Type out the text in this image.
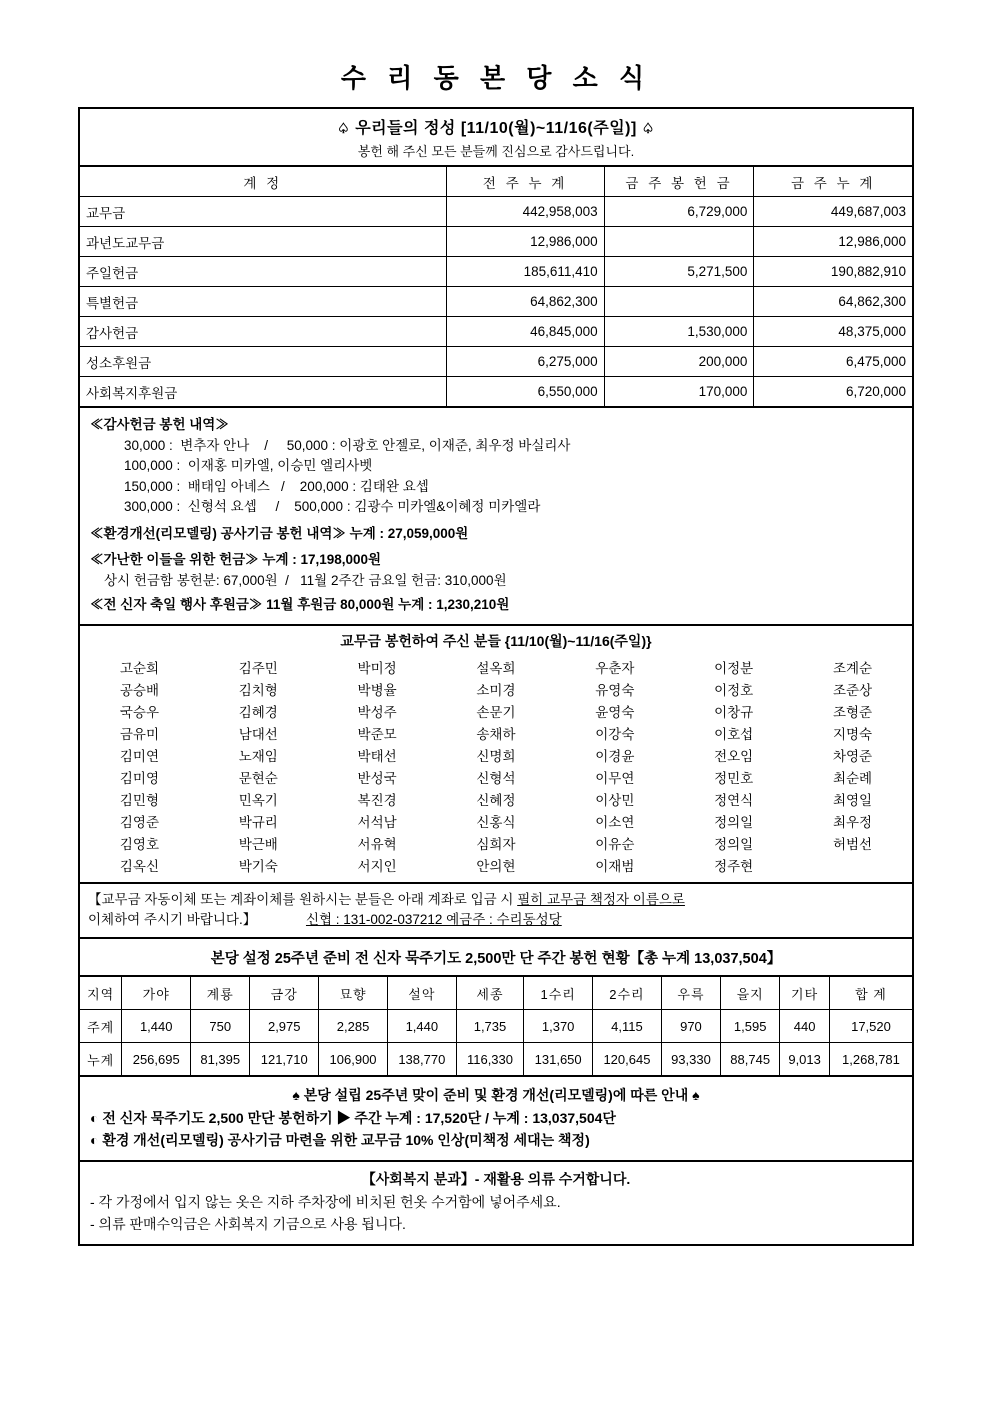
수 리 동 본 당 소 식
♤ 우리들의 정성 [11/10(월)~11/16(주일)] ♤
봉헌 해 주신 모든 분들께 진심으로 감사드립니다.
계 정	전 주 누 계	금 주 봉 헌 금	금 주 누 계
교무금	442,958,003	6,729,000	449,687,003
과년도교무금	12,986,000		12,986,000
주일헌금	185,611,410	5,271,500	190,882,910
특별헌금	64,862,300		64,862,300
감사헌금	46,845,000	1,530,000	48,375,000
성소후원금	6,275,000	200,000	6,475,000
사회복지후원금	6,550,000	170,000	6,720,000
≪감사헌금 봉헌 내역≫
30,000 :  변추자 안나    /     50,000 : 이광호 안젤로, 이재준, 최우정 바실리사
100,000 :  이재홍 미카엘, 이승민 엘리사벳
150,000 :  배태임 아녜스   /    200,000 : 김태완 요셉
300,000 :  신형석 요셉     /    500,000 : 김광수 미카엘&이혜정 미카엘라
≪환경개선(리모델링) 공사기금 봉헌 내역≫ 누계 : 27,059,000원
≪가난한 이들을 위한 헌금≫ 누계 : 17,198,000원
상시 헌금함 봉헌분: 67,000원  /   11월 2주간 금요일 헌금: 310,000원
≪전 신자 축일 행사 후원금≫ 11월 후원금 80,000원 누계 : 1,230,210원
교무금 봉헌하여 주신 분들 {11/10(월)~11/16(주일)}
고순희	김주민	박미정	설옥희	우춘자	이정분	조계순
공승배	김치형	박병율	소미경	유영숙	이정호	조준상
국승우	김혜경	박성주	손문기	윤영숙	이창규	조형준
금유미	남대선	박준모	송채하	이강숙	이호섭	지명숙
김미연	노재임	박태선	신명희	이경윤	전오임	차영준
김미영	문현순	반성국	신형석	이무연	정민호	최순례
김민형	민옥기	복진경	신혜정	이상민	정연식	최영일
김영준	박규리	서석남	신홍식	이소연	정의일	최우정
김영호	박근배	서유혁	심희자	이유순	정의일	허범선
김옥신	박기숙	서지인	안의현	이재범	정주현	
【교무금 자동이체 또는 계좌이체를 원하시는 분들은 아래 계좌로 입금 시 필히 교무금 책정자 이름으로
이체하여 주시기 바랍니다.】	신협 : 131-002-037212 예금주 : 수리동성당
본당 설정 25주년 준비 전 신자 묵주기도 2,500만 단 주간 봉헌 현황【총 누계 13,037,504】
지역	가야	계룡	금강	묘향	설악	세종	1수리	2수리	우륵	을지	기타	합 계
주계	1,440	750	2,975	2,285	1,440	1,735	1,370	4,115	970	1,595	440	17,520
누계	256,695	81,395	121,710	106,900	138,770	116,330	131,650	120,645	93,330	88,745	9,013	1,268,781
♠ 본당 설립 25주년 맞이 준비 및 환경 개선(리모델링)에 따른 안내 ♠
◐ 전 신자 묵주기도 2,500 만단 봉헌하기 ▶ 주간 누계 : 17,520단 / 누계 : 13,037,504단
◐ 환경 개선(리모델링) 공사기금 마련을 위한 교무금 10% 인상(미책정 세대는 책정)
【사회복지 분과】- 재활용 의류 수거합니다.
- 각 가정에서 입지 않는 옷은 지하 주차장에 비치된 헌옷 수거함에 넣어주세요.
- 의류 판매수익금은 사회복지 기금으로 사용 됩니다.
